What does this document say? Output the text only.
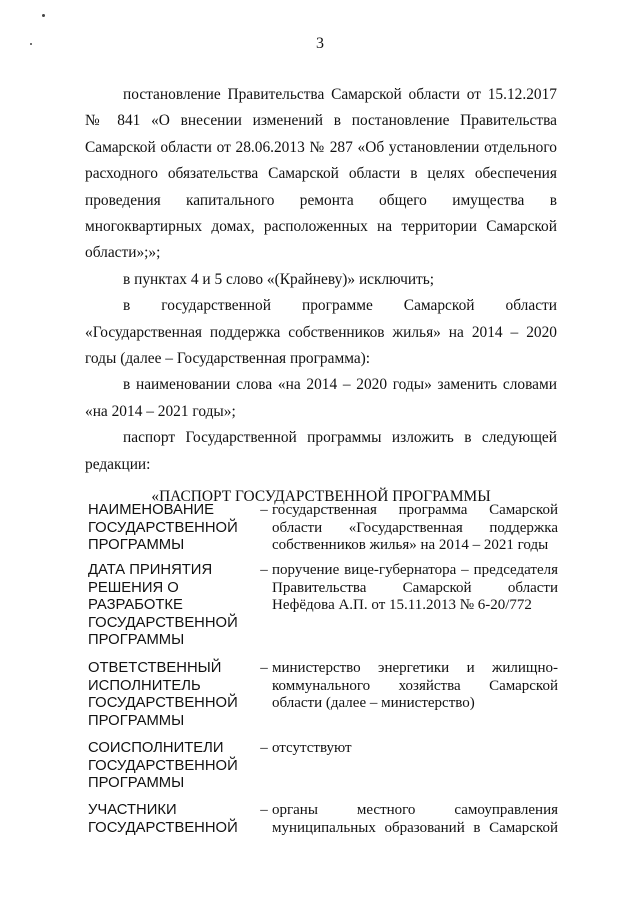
3

постановление Правительства Самарской области от 15.12.2017 № 841 «О внесении изменений в постановление Правительства Самарской области от 28.06.2013 № 287 «Об установлении отдельного расходного обязательства Самарской области в целях обеспечения проведения капитального ремонта общего имущества в многоквартирных домах, расположенных на территории Самарской области»;»;

в пунктах 4 и 5 слово «(Крайневу)» исключить;

в государственной программе Самарской области «Государственная поддержка собственников жилья» на 2014 – 2020 годы (далее – Государственная программа):

в наименовании слова «на 2014 – 2020 годы» заменить словами «на 2014 – 2021 годы»;

паспорт Государственной программы изложить в следующей редакции:

«ПАСПОРТ ГОСУДАРСТВЕННОЙ ПРОГРАММЫ

НАИМЕНОВАНИЕ ГОСУДАРСТВЕННОЙ ПРОГРАММЫ
– государственная программа Самарской области «Государственная поддержка собственников жилья» на 2014 – 2021 годы
ДАТА ПРИНЯТИЯ РЕШЕНИЯ О РАЗРАБОТКЕ ГОСУДАРСТВЕННОЙ ПРОГРАММЫ
– поручение вице-губернатора – председателя Правительства Самарской области Нефёдова А.П. от 15.11.2013 № 6-20/772
ОТВЕТСТВЕННЫЙ ИСПОЛНИТЕЛЬ ГОСУДАРСТВЕННОЙ ПРОГРАММЫ
– министерство энергетики и жилищно-коммунального хозяйства Самарской области (далее – министерство)
СОИСПОЛНИТЕЛИ ГОСУДАРСТВЕННОЙ ПРОГРАММЫ
– отсутствуют
УЧАСТНИКИ ГОСУДАРСТВЕННОЙ
– органы местного самоуправления муниципальных образований в Самарской
